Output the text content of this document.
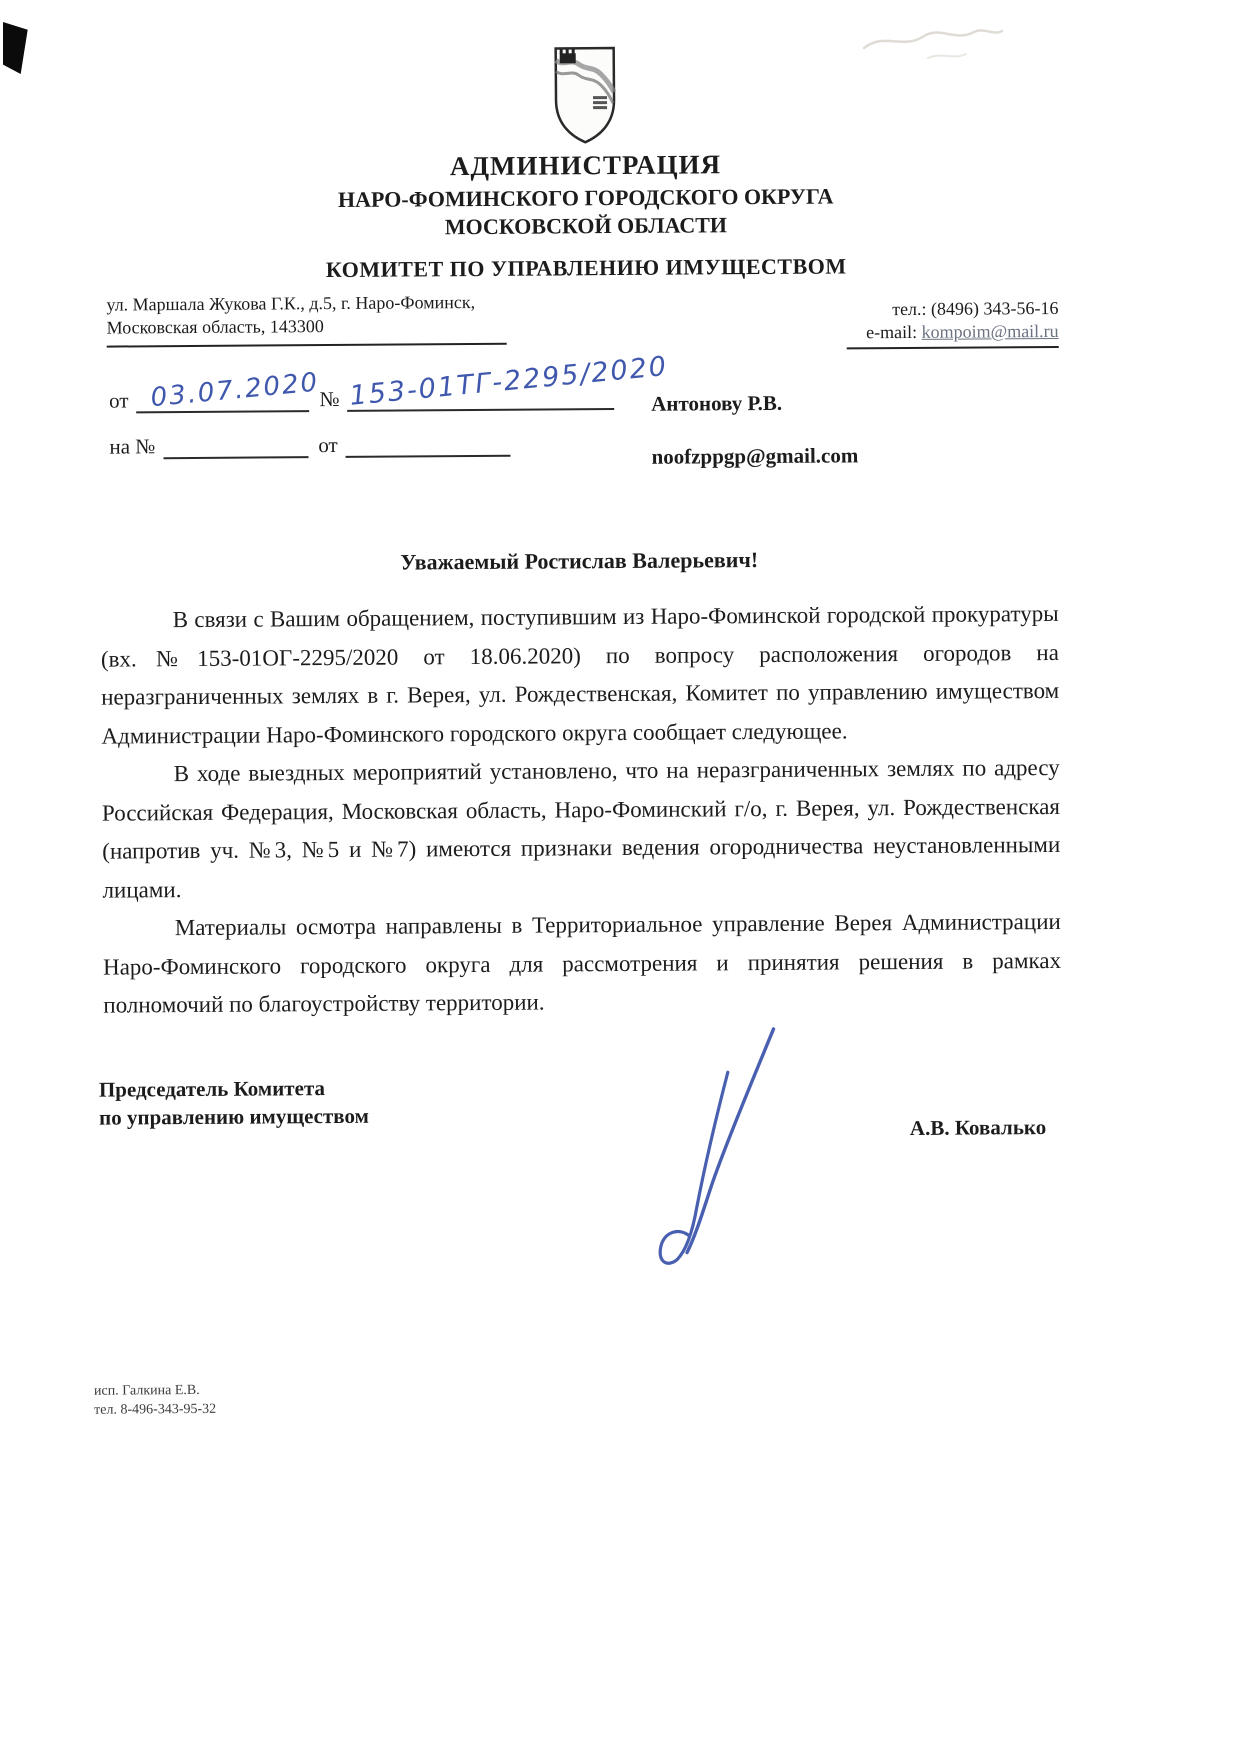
АДМИНИСТРАЦИЯ
НАРО-ФОМИНСКОГО ГОРОДСКОГО ОКРУГА
МОСКОВСКОЙ ОБЛАСТИ
КОМИТЕТ ПО УПРАВЛЕНИЮ ИМУЩЕСТВОМ
ул. Маршала Жукова Г.К., д.5, г. Наро-Фоминск,
Московская область, 143300
тел.: (8496) 343-56-16
e-mail: kompoim@mail.ru
от 03.07.2020
№ 153-01ТГ-2295/2020
на №	от
Антонову Р.В.
noofzppgp@gmail.com
Уважаемый Ростислав Валерьевич!

В связи с Вашим обращением, поступившим из Наро-Фоминской городской прокуратуры (вх.№153-01ОГ-2295/2020 от 18.06.2020) по вопросу расположения огородов на неразграниченных землях в г. Верея, ул. Рождественская, Комитет по управлению имуществом Администрации Наро-Фоминского городского округа сообщает следующее.

В ходе выездных мероприятий установлено, что на неразграниченных землях по адресу Российская Федерация, Московская область, Наро-Фоминский г/о, г. Верея, ул. Рождественская (напротив уч. №3, №5 и №7) имеются признаки ведения огородничества неустановленными лицами.

Материалы осмотра направлены в Территориальное управление Верея Администрации Наро-Фоминского городского округа для рассмотрения и принятия решения в рамках полномочий по благоустройству территории.

Председатель Комитета
по управлению имуществом	А.В. Ковалько
исп. Галкина Е.В.
тел. 8-496-343-95-32
